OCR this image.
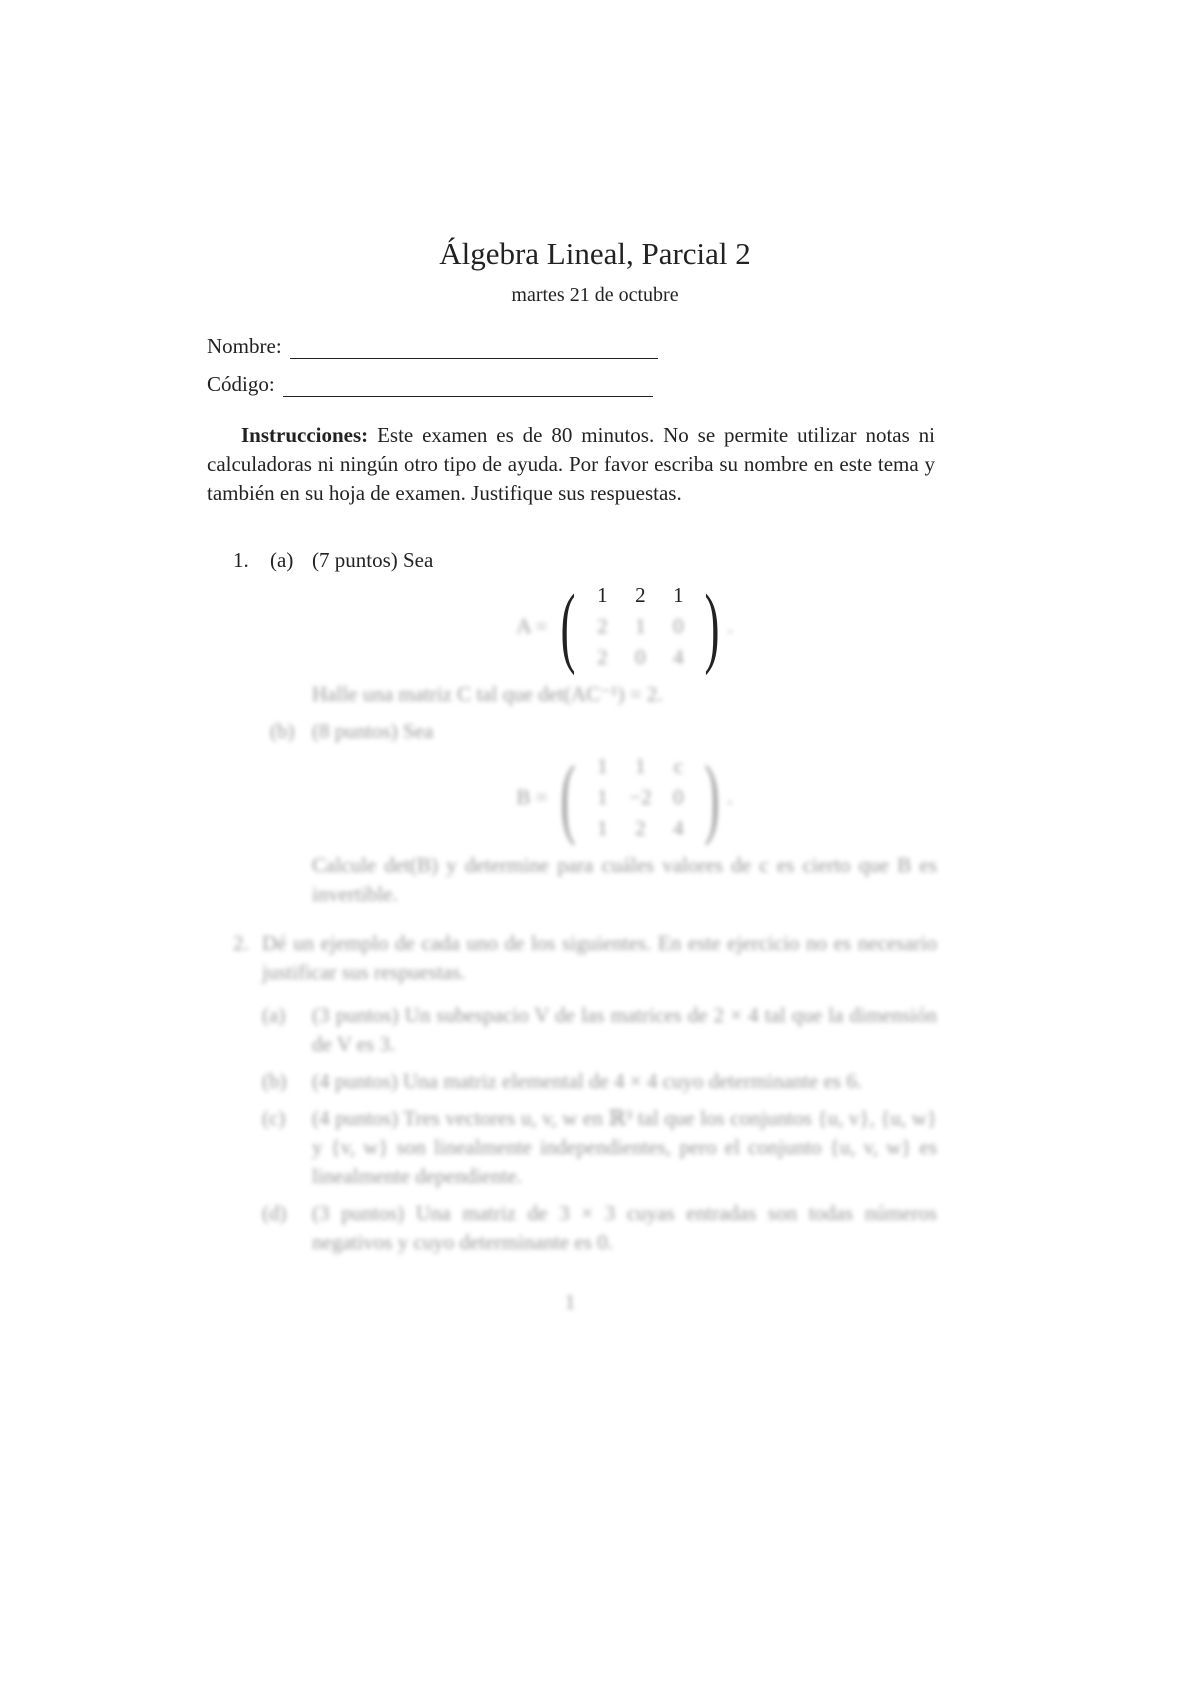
Álgebra Lineal, Parcial 2
martes 21 de octubre
Nombre:
Código:
Instrucciones: Este examen es de 80 minutos. No se permite utilizar notas ni calculadoras ni ningún otro tipo de ayuda. Por favor escriba su nombre en este tema y también en su hoja de examen. Justifique sus respuestas.
1.	(a) (7 puntos) Sea
A = (	1	2	1
2	1	0
2	0	4 ) .
Halle una matriz C tal que det(AC⁻¹) = 2.
(b) (8 puntos) Sea
B = (	1	1	c
1	−2	0
1	2	4 ) .
Calcule det(B) y determine para cuáles valores de c es cierto que B es invertible.
2. Dé un ejemplo de cada uno de los siguientes. En este ejercicio no es necesario justificar sus respuestas.
(a)	(3 puntos) Un subespacio V de las matrices de 2 × 4 tal que la dimensión de V es 3.
(b)	(4 puntos) Una matriz elemental de 4 × 4 cuyo determinante es 6.
(c)	(4 puntos) Tres vectores u, v, w en ℝ³ tal que los conjuntos {u, v}, {u, w} y {v, w} son linealmente independientes, pero el conjunto {u, v, w} es linealmente dependiente.
(d)	(3 puntos) Una matriz de 3 × 3 cuyas entradas son todas números negativos y cuyo determinante es 0.
1
